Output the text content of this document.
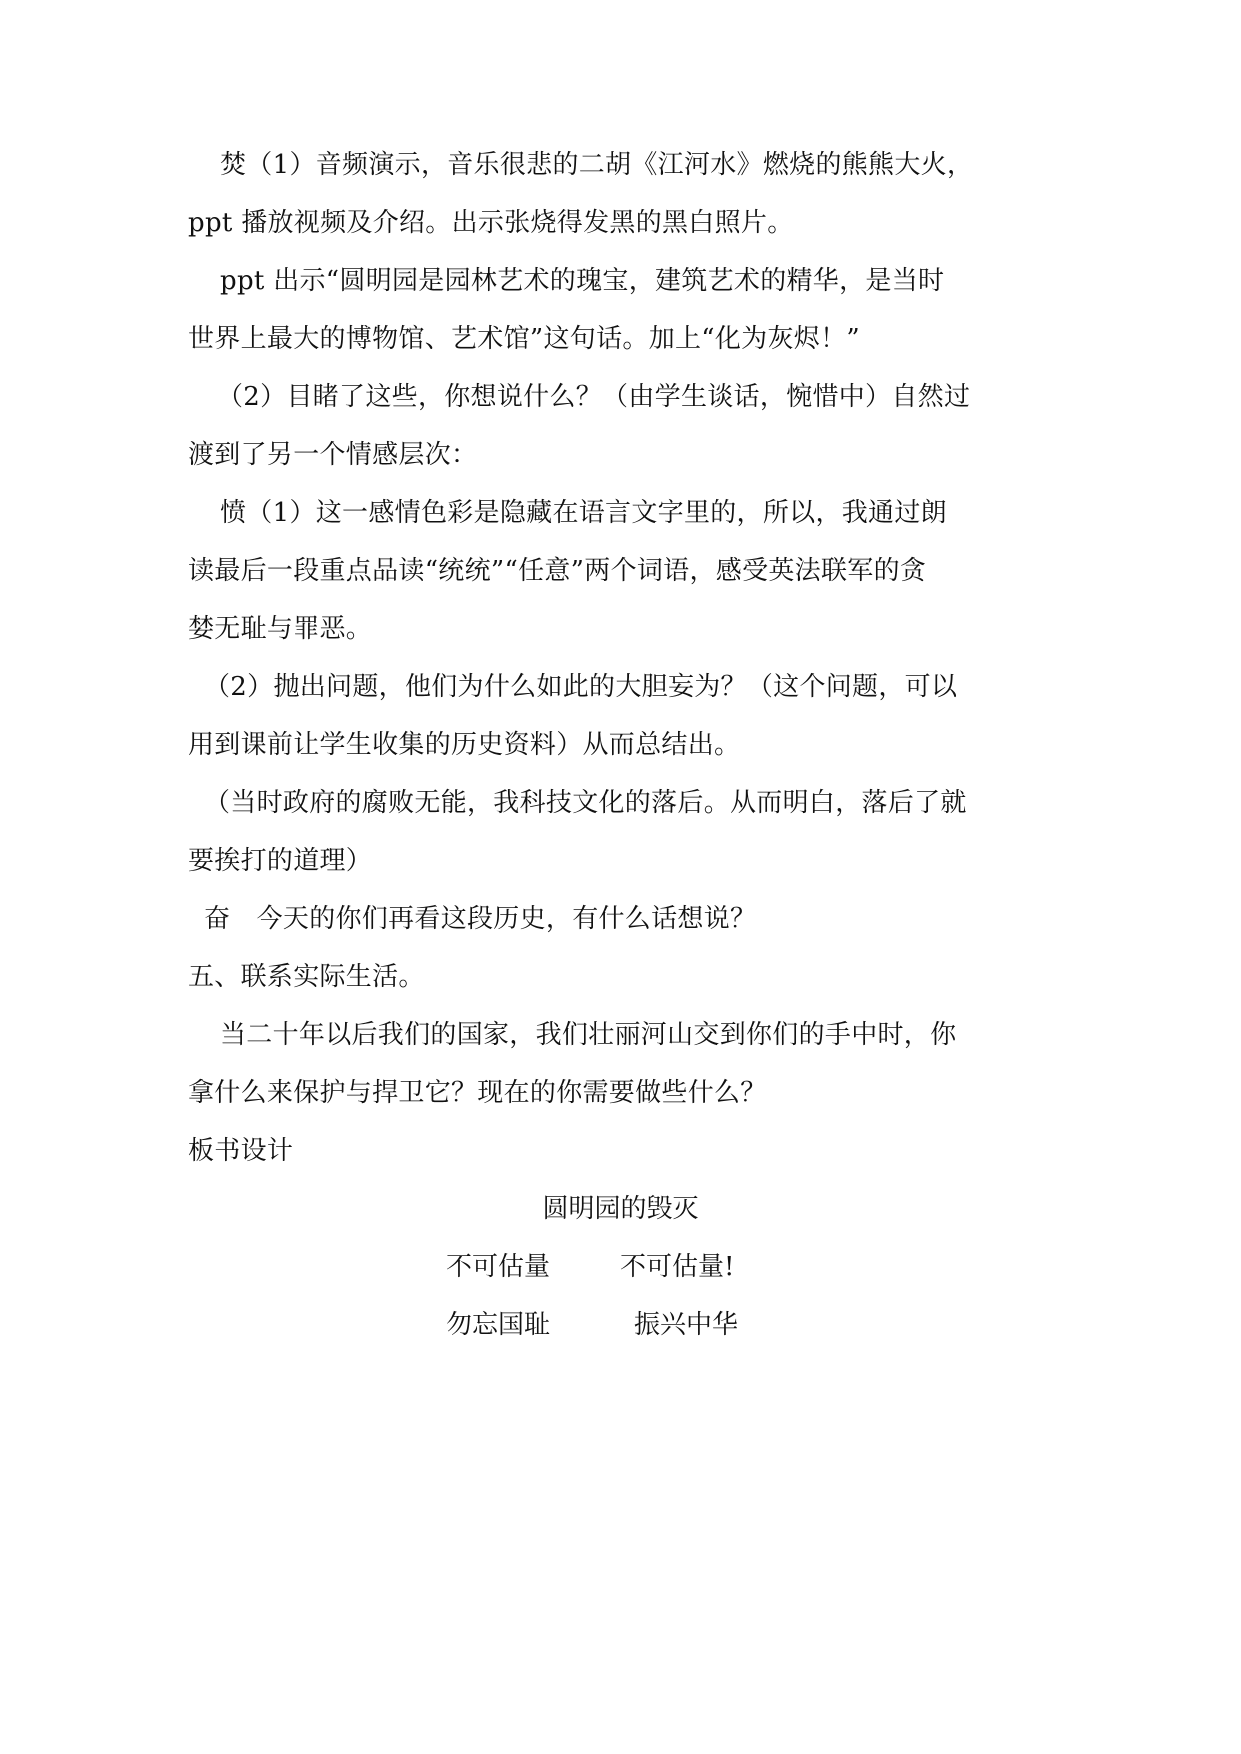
焚（1）音频演示，音乐很悲的二胡《江河水》燃烧的熊熊大火，
ppt 播放视频及介绍。出示张烧得发黑的黑白照片。
ppt 出示“圆明园是园林艺术的瑰宝，建筑艺术的精华，是当时
世界上最大的博物馆、艺术馆”这句话。加上“化为灰烬！”
（2）目睹了这些，你想说什么？（由学生谈话，惋惜中）自然过
渡到了另一个情感层次：
愤（1）这一感情色彩是隐藏在语言文字里的，所以，我通过朗
读最后一段重点品读“统统”“任意”两个词语，感受英法联军的贪
婪无耻与罪恶。
（2）抛出问题，他们为什么如此的大胆妄为？（这个问题，可以
用到课前让学生收集的历史资料）从而总结出。
（当时政府的腐败无能，我科技文化的落后。从而明白，落后了就
要挨打的道理）
奋　今天的你们再看这段历史，有什么话想说？
五、联系实际生活。
当二十年以后我们的国家，我们壮丽河山交到你们的手中时，你
拿什么来保护与捍卫它？现在的你需要做些什么？
板书设计
圆明园的毁灭
不可估量	不可估量!
勿忘国耻	振兴中华
